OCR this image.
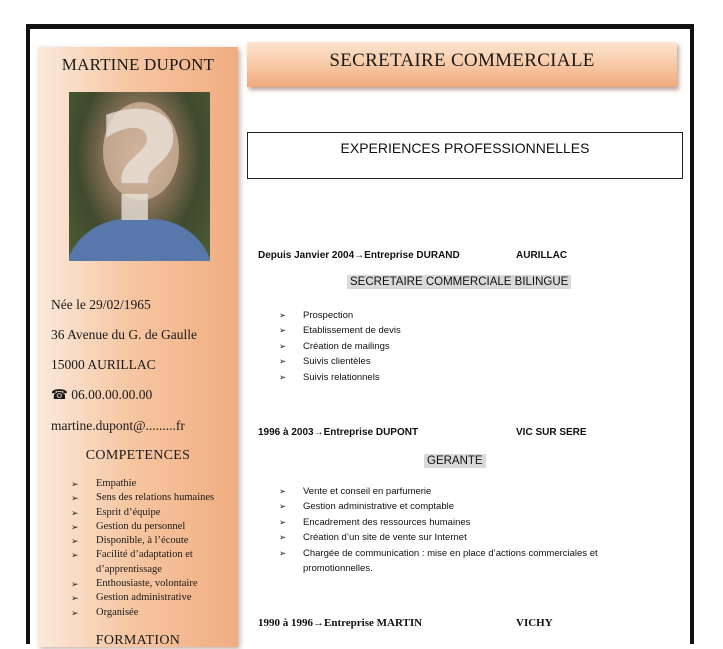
MARTINE DUPONT
?
Née le 29/02/1965
36 Avenue du G. de Gaulle
15000 AURILLAC
☎ 06.00.00.00.00
martine.dupont@.........fr
COMPETENCES
➢ Empathie
➢ Sens des relations humaines
➢ Esprit d’équipe
➢ Gestion du personnel
➢ Disponible, à l’écoute
➢ Facilité d’adaptation et d’apprentissage
➢ Enthousiaste, volontaire
➢ Gestion administrative
➢ Organisée
FORMATION
SECRETAIRE COMMERCIALE
EXPERIENCES PROFESSIONNELLES
Depuis Janvier 2004→Entreprise DURAND	AURILLAC
SECRETAIRE COMMERCIALE BILINGUE
➢ Prospection
➢ Etablissement de devis
➢ Création de mailings
➢ Suivis clientèles
➢ Suivis relationnels
1996 à 2003→Entreprise DUPONT	VIC SUR SERE
GERANTE
➢ Vente et conseil en parfumerie
➢ Gestion administrative et comptable
➢ Encadrement des ressources humaines
➢ Création d’un site de vente sur Internet
➢ Chargée de communication : mise en place d’actions commerciales et promotionnelles.
1990 à 1996→Entreprise MARTIN	VICHY
